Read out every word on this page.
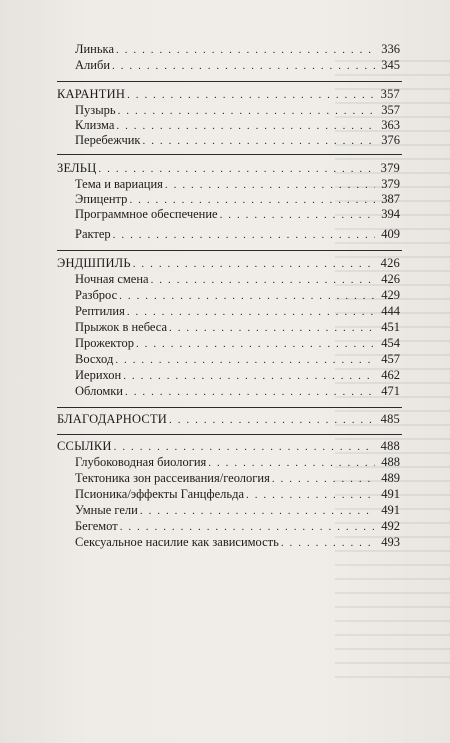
Линька . . .	336
Алиби . . .	345
КАРАНТИН . . .	357
Пузырь . . .	357
Клизма . . .	363
Перебежчик . . .	376
ЗЕЛЬЦ . . .	379
Тема и вариация . . .	379
Эпицентр . . .	387
Программное обеспечение . . .	394
Рактер . . .	409
ЭНДШПИЛЬ . . .	426
Ночная смена . . .	426
Разброс . . .	429
Рептилия . . .	444
Прыжок в небеса . . .	451
Прожектор . . .	454
Восход . . .	457
Иерихон . . .	462
Обломки . . .	471
БЛАГОДАРНОСТИ . . .	485
ССЫЛКИ . . .	488
Глубоководная биология . . .	488
Тектоника зон рассеивания/геология . . .	489
Псионика/эффекты Ганцфельда . . .	491
Умные гели . . .	491
Бегемот . . .	492
Сексуальное насилие как зависимость . . .	493
